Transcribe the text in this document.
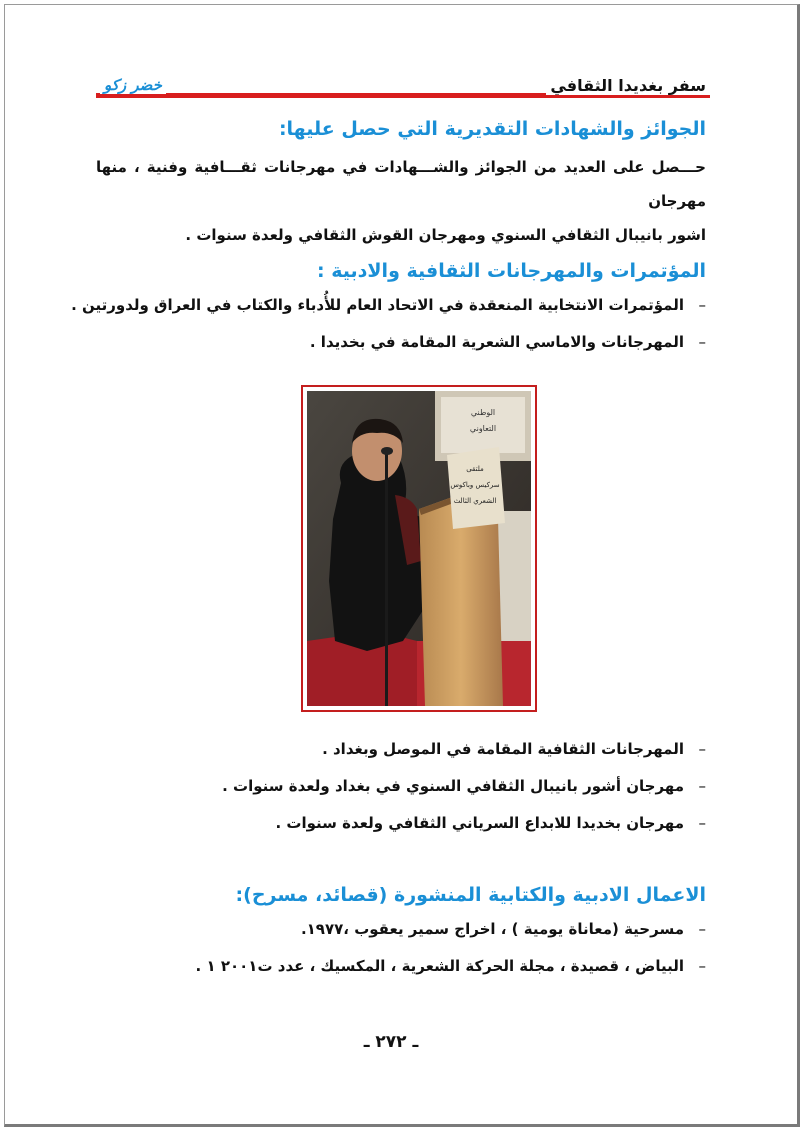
سفر بغديدا الثقافي
خضر زكو
الجوائز والشهادات التقديرية التي حصل عليها:
حـــصل على العديد من الجوائز والشـــهادات في مهرجانات ثقـــافية وفنية ، منها مهرجان
اشور بانيبال الثقافي السنوي ومهرجان القوش الثقافي ولعدة سنوات .
المؤتمرات والمهرجانات الثقافية والادبية :
–
المؤتمرات الانتخابية المنعقدة في الاتحاد العام للأُدباء والكتاب في العراق ولدورتين .
–
المهرجانات والاماسي الشعرية المقامة في بخديدا .
الوطني
التعاوني
ملتقى
سركيس وباكوس
الشعري الثالث
–
المهرجانات الثقافية المقامة في الموصل وبغداد .
–
مهرجان أشور بانيبال الثقافي السنوي في بغداد ولعدة سنوات .
–
مهرجان بخديدا للابداع السرياني الثقافي ولعدة سنوات .
الاعمال الادبية والكتابية المنشورة (قصائد، مسرح):
–
مسرحية (معاناة يومية ) ، اخراج سمير يعقوب ،١٩٧٧.
–
البياض ، قصيدة ، مجلة الحركة الشعرية ، المكسيك ، عدد ت٢٠٠١ ١ .
ـ ٢٧٢ ـ
